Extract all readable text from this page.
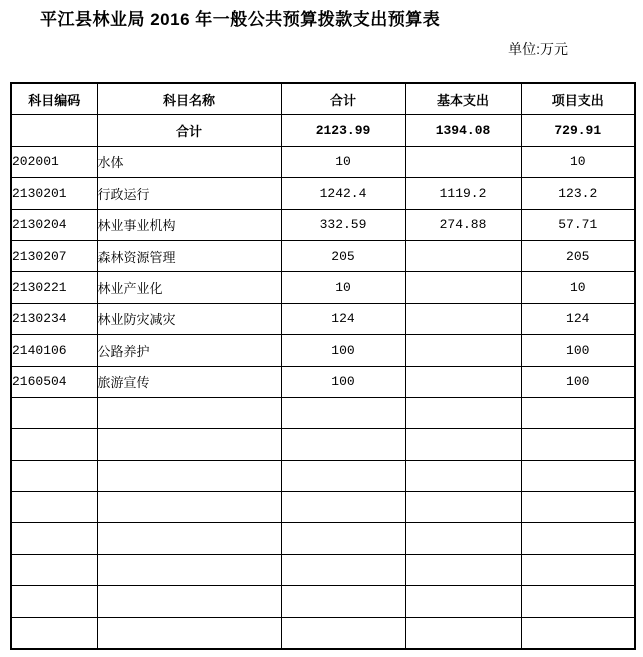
平江县林业局 2016 年一般公共预算拨款支出预算表
单位:万元
科目编码	科目名称	合计	基本支出	项目支出
	合计	2123.99	1394.08	729.91
202001	水体	10		10
2130201	行政运行	1242.4	1119.2	123.2
2130204	林业事业机构	332.59	274.88	57.71
2130207	森林资源管理	205		205
2130221	林业产业化	10		10
2130234	林业防灾减灾	124		124
2140106	公路养护	100		100
2160504	旅游宣传	100		100
